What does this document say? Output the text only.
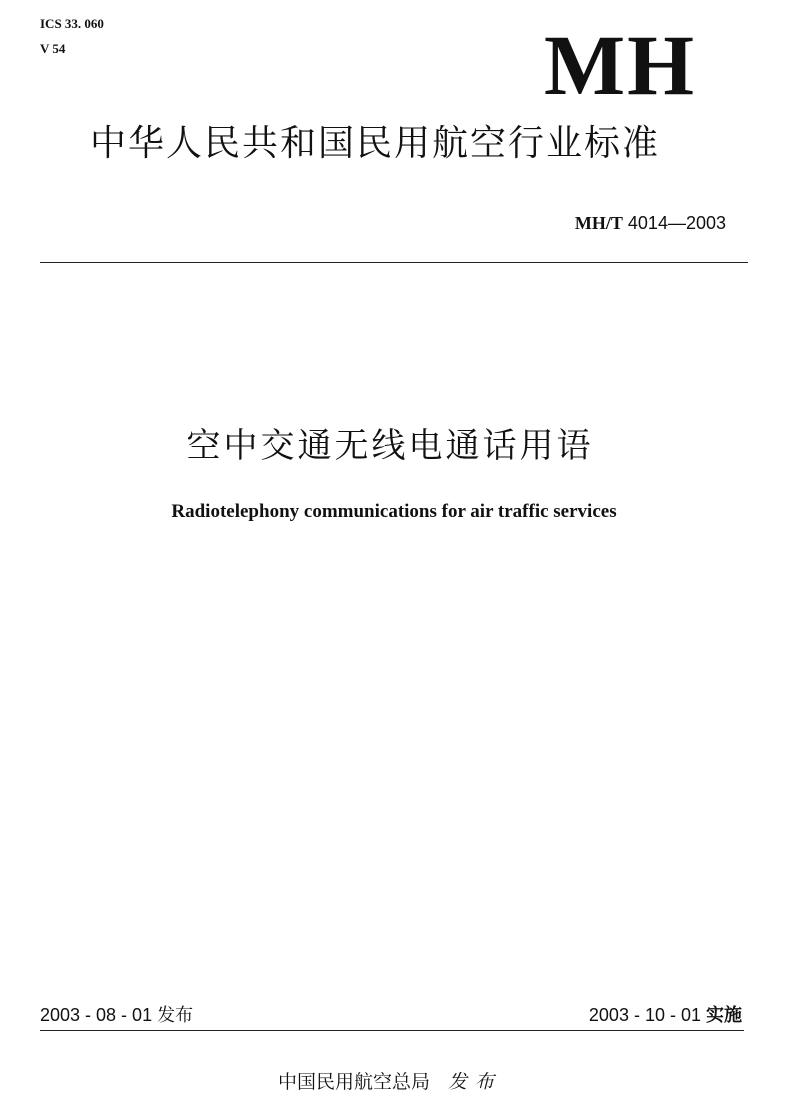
ICS 33. 060
V 54	MH
中华人民共和国民用航空行业标准
MH/T 4014—2003
空中交通无线电通话用语
Radiotelephony communications for air traffic services
2003 - 08 - 01 发布	2003 - 10 - 01 实施
中国民用航空总局 发布
